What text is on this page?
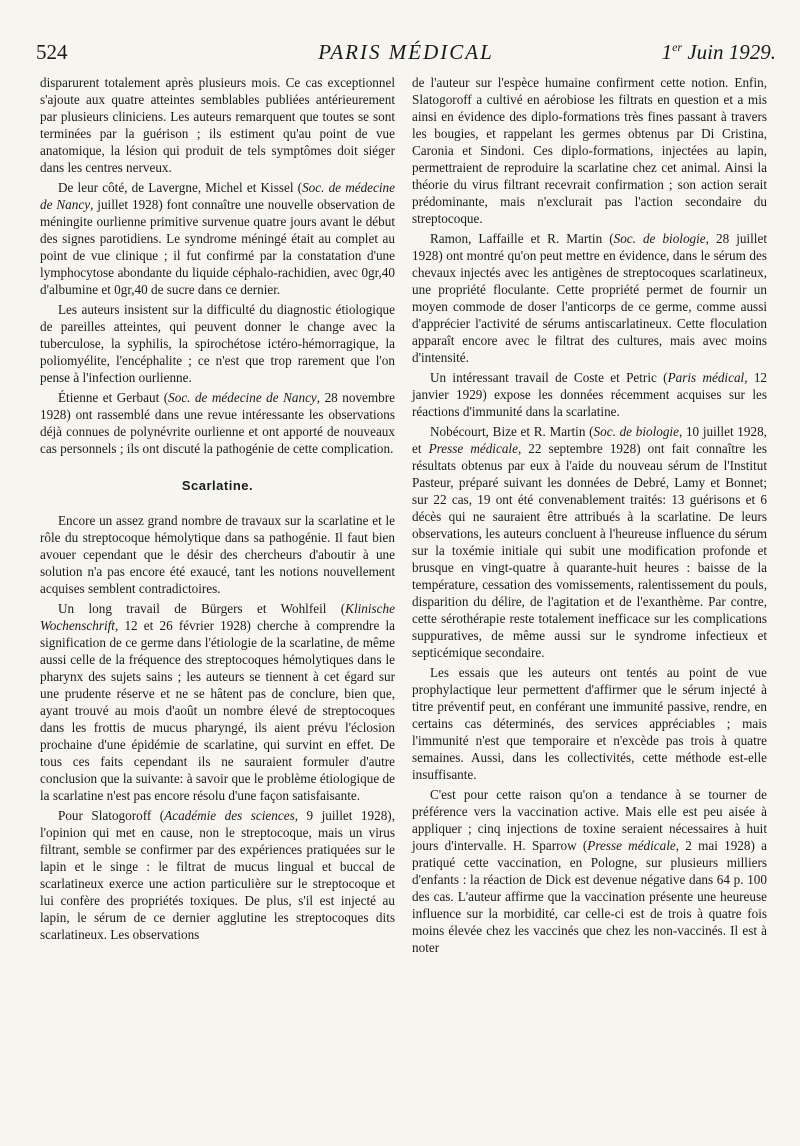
524	PARIS MÉDICAL	1er Juin 1929.

disparurent totalement après plusieurs mois. Ce cas exceptionnel s'ajoute aux quatre atteintes semblables publiées antérieurement par plusieurs cliniciens. Les auteurs remarquent que toutes se sont terminées par la guérison ; ils estiment qu'au point de vue anatomique, la lésion qui produit de tels symptômes doit siéger dans les centres nerveux.

De leur côté, de Lavergne, Michel et Kissel (Soc. de médecine de Nancy, juillet 1928) font connaître une nouvelle observation de méningite ourlienne primitive survenue quatre jours avant le début des signes parotidiens. Le syndrome méningé était au complet au point de vue clinique ; il fut confirmé par la constatation d'une lymphocytose abondante du liquide céphalo-rachidien, avec 0gr,40 d'albumine et 0gr,40 de sucre dans ce dernier.

Les auteurs insistent sur la difficulté du diagnostic étiologique de pareilles atteintes, qui peuvent donner le change avec la tuberculose, la syphilis, la spirochétose ictéro-hémorragique, la poliomyélite, l'encéphalite ; ce n'est que trop rarement que l'on pense à l'infection ourlienne.

Étienne et Gerbaut (Soc. de médecine de Nancy, 28 novembre 1928) ont rassemblé dans une revue intéressante les observations déjà connues de polynévrite ourlienne et ont apporté de nouveaux cas personnels ; ils ont discuté la pathogénie de cette complication.

Scarlatine.

Encore un assez grand nombre de travaux sur la scarlatine et le rôle du streptocoque hémolytique dans sa pathogénie. Il faut bien avouer cependant que le désir des chercheurs d'aboutir à une solution n'a pas encore été exaucé, tant les notions nouvellement acquises semblent contradictoires.

Un long travail de Bürgers et Wohlfeil (Klinische Wochenschrift, 12 et 26 février 1928) cherche à comprendre la signification de ce germe dans l'étiologie de la scarlatine, de même aussi celle de la fréquence des streptocoques hémolytiques dans le pharynx des sujets sains ; les auteurs se tiennent à cet égard sur une prudente réserve et ne se hâtent pas de conclure, bien que, ayant trouvé au mois d'août un nombre élevé de streptocoques dans les frottis de mucus pharyngé, ils aient prévu l'éclosion prochaine d'une épidémie de scarlatine, qui survint en effet. De tous ces faits cependant ils ne sauraient formuler d'autre conclusion que la suivante: à savoir que le problème étiologique de la scarlatine n'est pas encore résolu d'une façon satisfaisante.

Pour Slatogoroff (Académie des sciences, 9 juillet 1928), l'opinion qui met en cause, non le streptocoque, mais un virus filtrant, semble se confirmer par des expériences pratiquées sur le lapin et le singe : le filtrat de mucus lingual et buccal de scarlatineux exerce une action particulière sur le streptocoque et lui confère des propriétés toxiques. De plus, s'il est injecté au lapin, le sérum de ce dernier agglutine les streptocoques dits scarlatineux. Les observations

de l'auteur sur l'espèce humaine confirment cette notion. Enfin, Slatogoroff a cultivé en aérobiose les filtrats en question et a mis ainsi en évidence des diplo-formations très fines passant à travers les bougies, et rappelant les germes obtenus par Di Cristina, Caronia et Sindoni. Ces diplo-formations, injectées au lapin, permettraient de reproduire la scarlatine chez cet animal. Ainsi la théorie du virus filtrant recevrait confirmation ; son action serait prédominante, mais n'exclurait pas l'action secondaire du streptocoque.

Ramon, Laffaille et R. Martin (Soc. de biologie, 28 juillet 1928) ont montré qu'on peut mettre en évidence, dans le sérum des chevaux injectés avec les antigènes de streptocoques scarlatineux, une propriété floculante. Cette propriété permet de fournir un moyen commode de doser l'anticorps de ce germe, comme aussi d'apprécier l'activité de sérums antiscarlatineux. Cette floculation apparaît encore avec le filtrat des cultures, mais avec moins d'intensité.

Un intéressant travail de Coste et Petric (Paris médical, 12 janvier 1929) expose les données récemment acquises sur les réactions d'immunité dans la scarlatine.

Nobécourt, Bize et R. Martin (Soc. de biologie, 10 juillet 1928, et Presse médicale, 22 septembre 1928) ont fait connaître les résultats obtenus par eux à l'aide du nouveau sérum de l'Institut Pasteur, préparé suivant les données de Debré, Lamy et Bonnet; sur 22 cas, 19 ont été convenablement traités: 13 guérisons et 6 décès qui ne sauraient être attribués à la scarlatine. De leurs observations, les auteurs concluent à l'heureuse influence du sérum sur la toxémie initiale qui subit une modification profonde et brusque en vingt-quatre à quarante-huit heures : baisse de la température, cessation des vomissements, ralentissement du pouls, disparition du délire, de l'agitation et de l'exanthème. Par contre, cette sérothérapie reste totalement inefficace sur les complications suppuratives, de même aussi sur le syndrome infectieux et septicémique secondaire.

Les essais que les auteurs ont tentés au point de vue prophylactique leur permettent d'affirmer que le sérum injecté à titre préventif peut, en conférant une immunité passive, rendre, en certains cas déterminés, des services appréciables ; mais l'immunité n'est que temporaire et n'excède pas trois à quatre semaines. Aussi, dans les collectivités, cette méthode est-elle insuffisante.

C'est pour cette raison qu'on a tendance à se tourner de préférence vers la vaccination active. Mais elle est peu aisée à appliquer ; cinq injections de toxine seraient nécessaires à huit jours d'intervalle. H. Sparrow (Presse médicale, 2 mai 1928) a pratiqué cette vaccination, en Pologne, sur plusieurs milliers d'enfants : la réaction de Dick est devenue négative dans 64 p. 100 des cas. L'auteur affirme que la vaccination présente une heureuse influence sur la morbidité, car celle-ci est de trois à quatre fois moins élevée chez les vaccinés que chez les non-vaccinés. Il est à noter
